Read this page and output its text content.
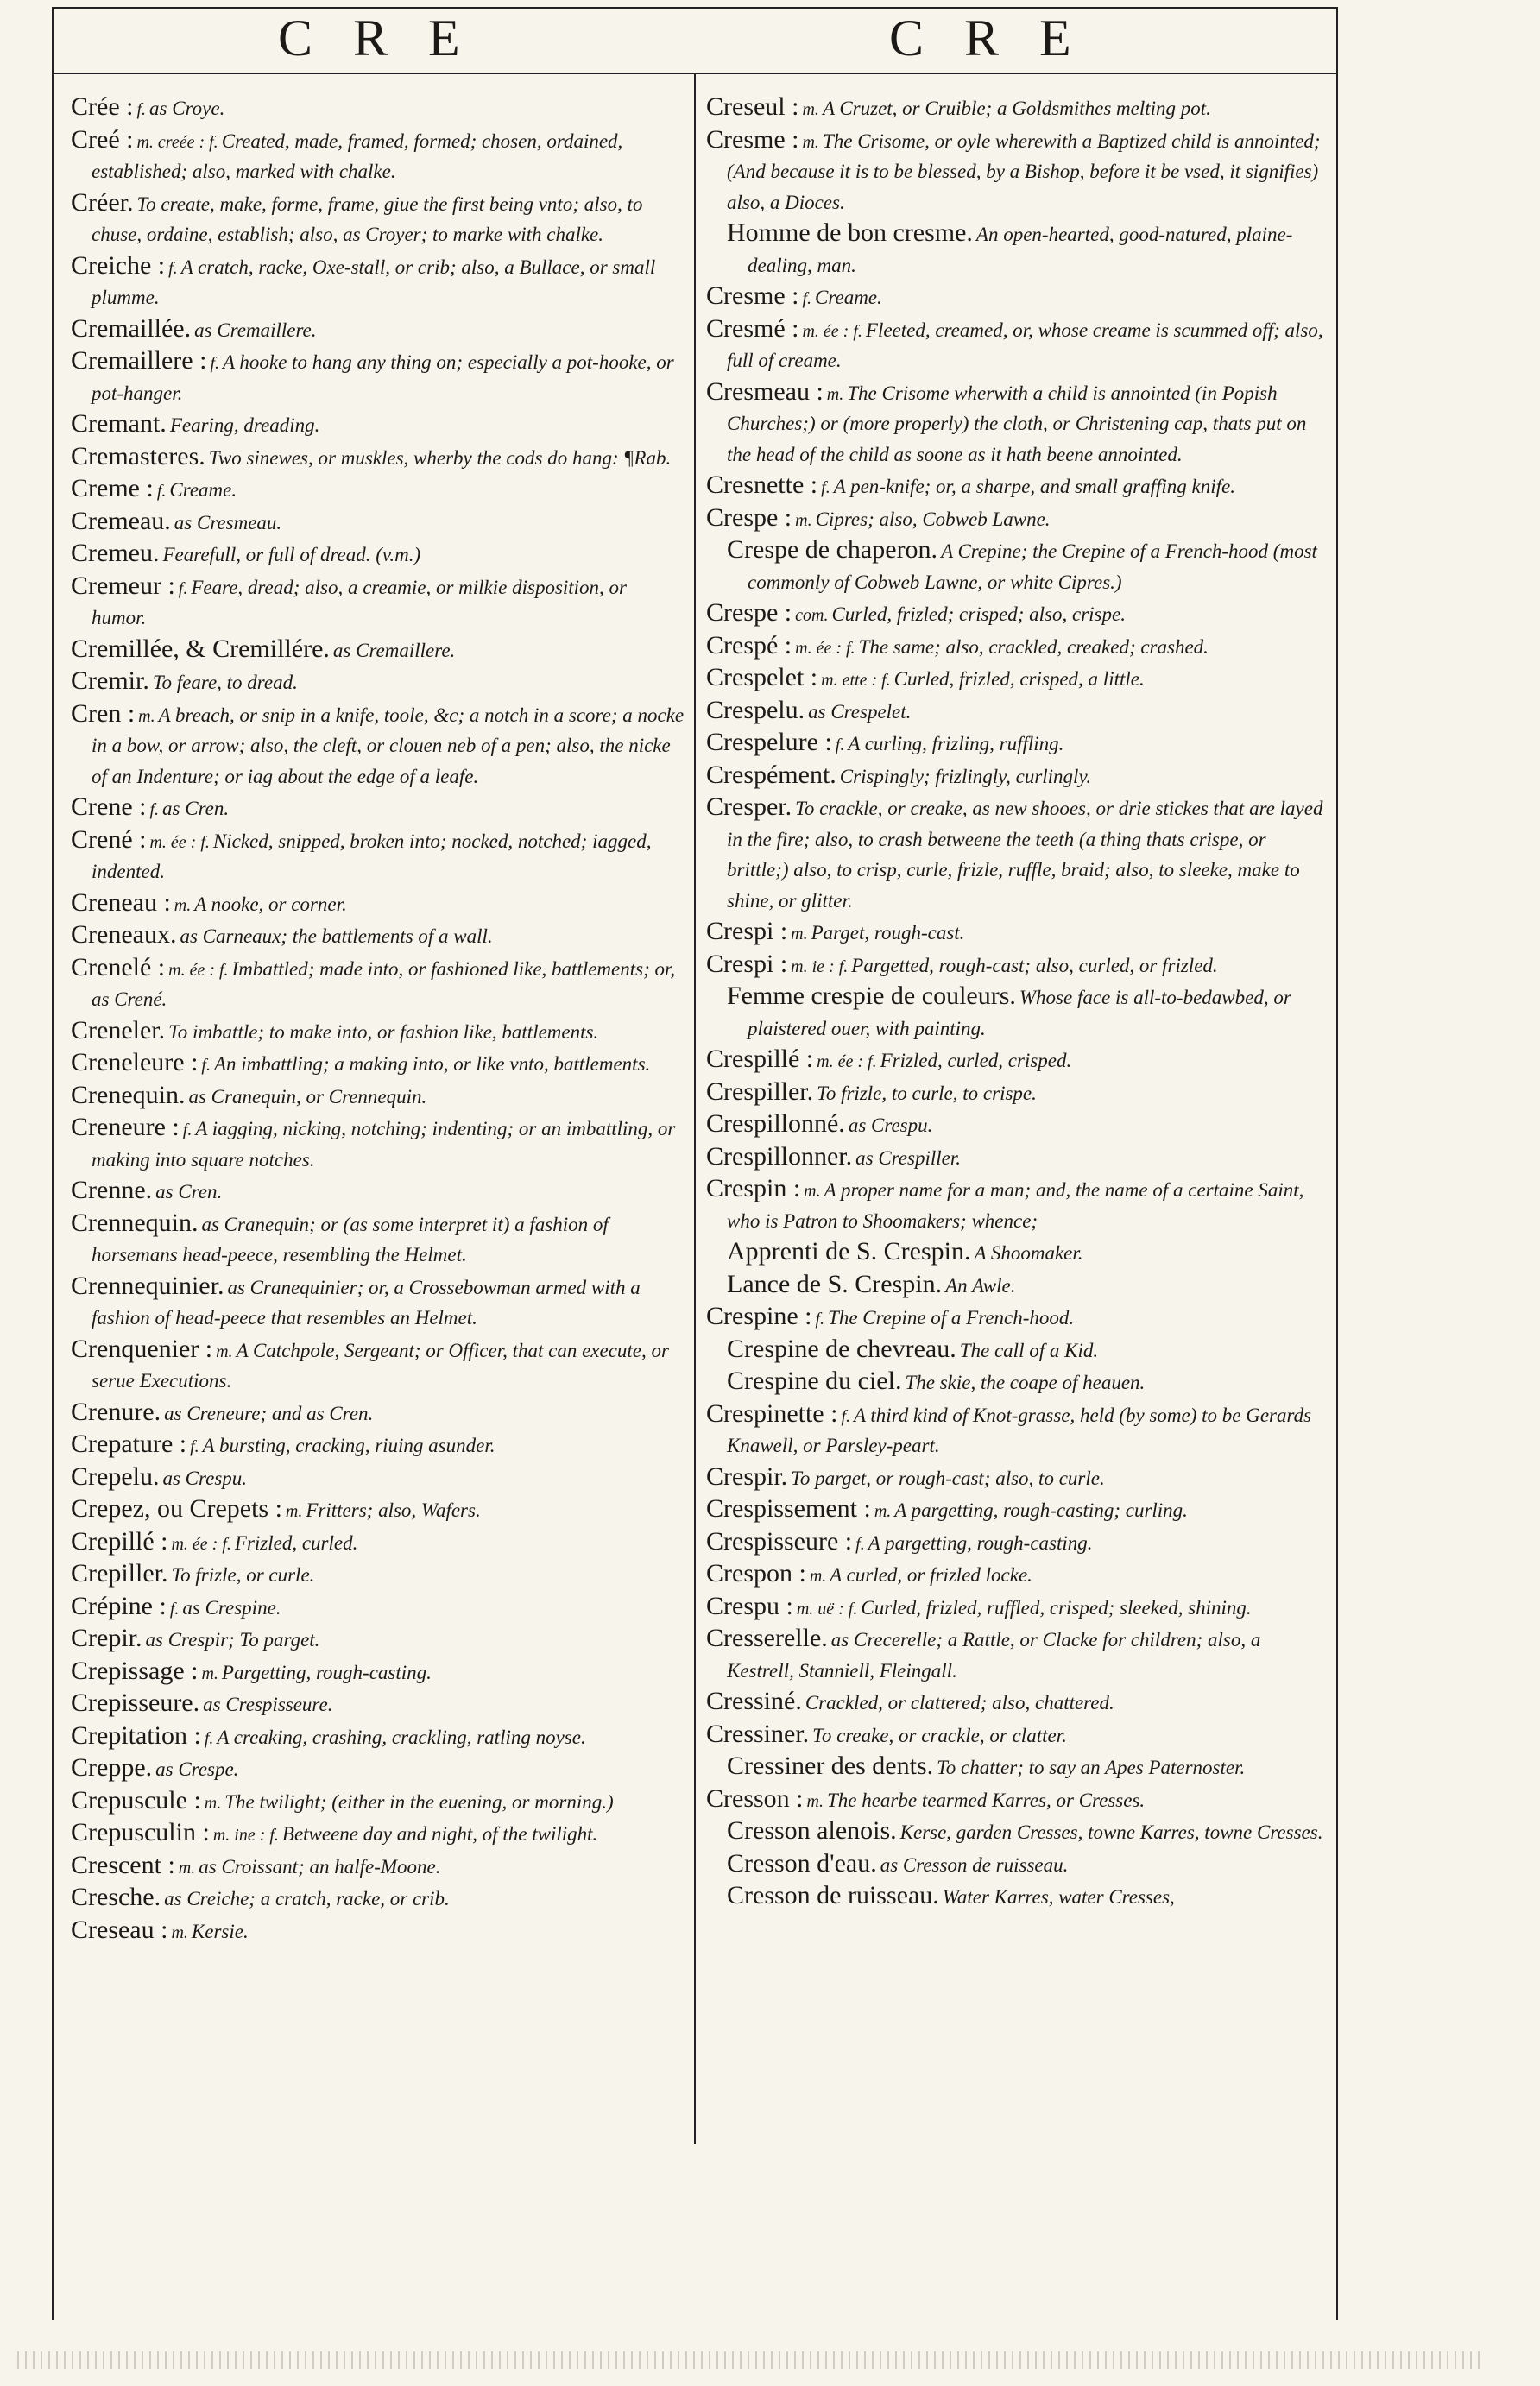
C R E	C R E

Crée : f. as Croye.

Creé : m. creée : f. Created, made, framed, formed; chosen, ordained, established; also, marked with chalke.

Créer. To create, make, forme, frame, giue the first being vnto; also, to chuse, ordaine, establish; also, as Croyer; to marke with chalke.

Creiche : f. A cratch, racke, Oxe-stall, or crib; also, a Bullace, or small plumme.

Cremaillée. as Cremaillere.

Cremaillere : f. A hooke to hang any thing on; especially a pot-hooke, or pot-hanger.

Cremant. Fearing, dreading.

Cremasteres. Two sinewes, or muskles, wherby the cods do hang: ¶Rab.

Creme : f. Creame.

Cremeau. as Cresmeau.

Cremeu. Fearefull, or full of dread. (v.m.)

Cremeur : f. Feare, dread; also, a creamie, or milkie disposition, or humor.

Cremillée, & Cremillére. as Cremaillere.

Cremir. To feare, to dread.

Cren : m. A breach, or snip in a knife, toole, &c; a notch in a score; a nocke in a bow, or arrow; also, the cleft, or clouen neb of a pen; also, the nicke of an Indenture; or iag about the edge of a leafe.

Crene : f. as Cren.

Crené : m. ée : f. Nicked, snipped, broken into; nocked, notched; iagged, indented.

Creneau : m. A nooke, or corner.

Creneaux. as Carneaux; the battlements of a wall.

Crenelé : m. ée : f. Imbattled; made into, or fashioned like, battlements; or, as Crené.

Creneler. To imbattle; to make into, or fashion like, battlements.

Creneleure : f. An imbattling; a making into, or like vnto, battlements.

Crenequin. as Cranequin, or Crennequin.

Creneure : f. A iagging, nicking, notching; indenting; or an imbattling, or making into square notches.

Crenne. as Cren.

Crennequin. as Cranequin; or (as some interpret it) a fashion of horsemans head-peece, resembling the Helmet.

Crennequinier. as Cranequinier; or, a Crossebowman armed with a fashion of head-peece that resembles an Helmet.

Crenquenier : m. A Catchpole, Sergeant; or Officer, that can execute, or serue Executions.

Crenure. as Creneure; and as Cren.

Crepature : f. A bursting, cracking, riuing asunder.

Crepelu. as Crespu.

Crepez, ou Crepets : m. Fritters; also, Wafers.

Crepillé : m. ée : f. Frizled, curled.

Crepiller. To frizle, or curle.

Crépine : f. as Crespine.

Crepir. as Crespir; To parget.

Crepissage : m. Pargetting, rough-casting.

Crepisseure. as Crespisseure.

Crepitation : f. A creaking, crashing, crackling, ratling noyse.

Creppe. as Crespe.

Crepuscule : m. The twilight; (either in the euening, or morning.)

Crepusculin : m. ine : f. Betweene day and night, of the twilight.

Crescent : m. as Croissant; an halfe-Moone.

Cresche. as Creiche; a cratch, racke, or crib.

Creseau : m. Kersie.

Creseul : m. A Cruzet, or Cruible; a Goldsmithes melting pot.

Cresme : m. The Crisome, or oyle wherewith a Baptized child is annointed; (And because it is to be blessed, by a Bishop, before it be vsed, it signifies) also, a Dioces.

Homme de bon cresme. An open-hearted, good-natured, plaine-dealing, man.

Cresme : f. Creame.

Cresmé : m. ée : f. Fleeted, creamed, or, whose creame is scummed off; also, full of creame.

Cresmeau : m. The Crisome wherwith a child is annointed (in Popish Churches;) or (more properly) the cloth, or Christening cap, thats put on the head of the child as soone as it hath beene annointed.

Cresnette : f. A pen-knife; or, a sharpe, and small graffing knife.

Crespe : m. Cipres; also, Cobweb Lawne.

Crespe de chaperon. A Crepine; the Crepine of a French-hood (most commonly of Cobweb Lawne, or white Cipres.)

Crespe : com. Curled, frizled; crisped; also, crispe.

Crespé : m. ée : f. The same; also, crackled, creaked; crashed.

Crespelet : m. ette : f. Curled, frizled, crisped, a little.

Crespelu. as Crespelet.

Crespelure : f. A curling, frizling, ruffling.

Crespément. Crispingly; frizlingly, curlingly.

Cresper. To crackle, or creake, as new shooes, or drie stickes that are layed in the fire; also, to crash betweene the teeth (a thing thats crispe, or brittle;) also, to crisp, curle, frizle, ruffle, braid; also, to sleeke, make to shine, or glitter.

Crespi : m. Parget, rough-cast.

Crespi : m. ie : f. Pargetted, rough-cast; also, curled, or frizled.

Femme crespie de couleurs. Whose face is all-to-bedawbed, or plaistered ouer, with painting.

Crespillé : m. ée : f. Frizled, curled, crisped.

Crespiller. To frizle, to curle, to crispe.

Crespillonné. as Crespu.

Crespillonner. as Crespiller.

Crespin : m. A proper name for a man; and, the name of a certaine Saint, who is Patron to Shoomakers; whence;

Apprenti de S. Crespin. A Shoomaker.

Lance de S. Crespin. An Awle.

Crespine : f. The Crepine of a French-hood.

Crespine de chevreau. The call of a Kid.

Crespine du ciel. The skie, the coape of heauen.

Crespinette : f. A third kind of Knot-grasse, held (by some) to be Gerards Knawell, or Parsley-peart.

Crespir. To parget, or rough-cast; also, to curle.

Crespissement : m. A pargetting, rough-casting; curling.

Crespisseure : f. A pargetting, rough-casting.

Crespon : m. A curled, or frizled locke.

Crespu : m. uë : f. Curled, frizled, ruffled, crisped; sleeked, shining.

Cresserelle. as Crecerelle; a Rattle, or Clacke for children; also, a Kestrell, Stanniell, Fleingall.

Cressiné. Crackled, or clattered; also, chattered.

Cressiner. To creake, or crackle, or clatter.

Cressiner des dents. To chatter; to say an Apes Paternoster.

Cresson : m. The hearbe tearmed Karres, or Cresses.

Cresson alenois. Kerse, garden Cresses, towne Karres, towne Cresses.

Cresson d'eau. as Cresson de ruisseau.

Cresson de ruisseau. Water Karres, water Cresses,
